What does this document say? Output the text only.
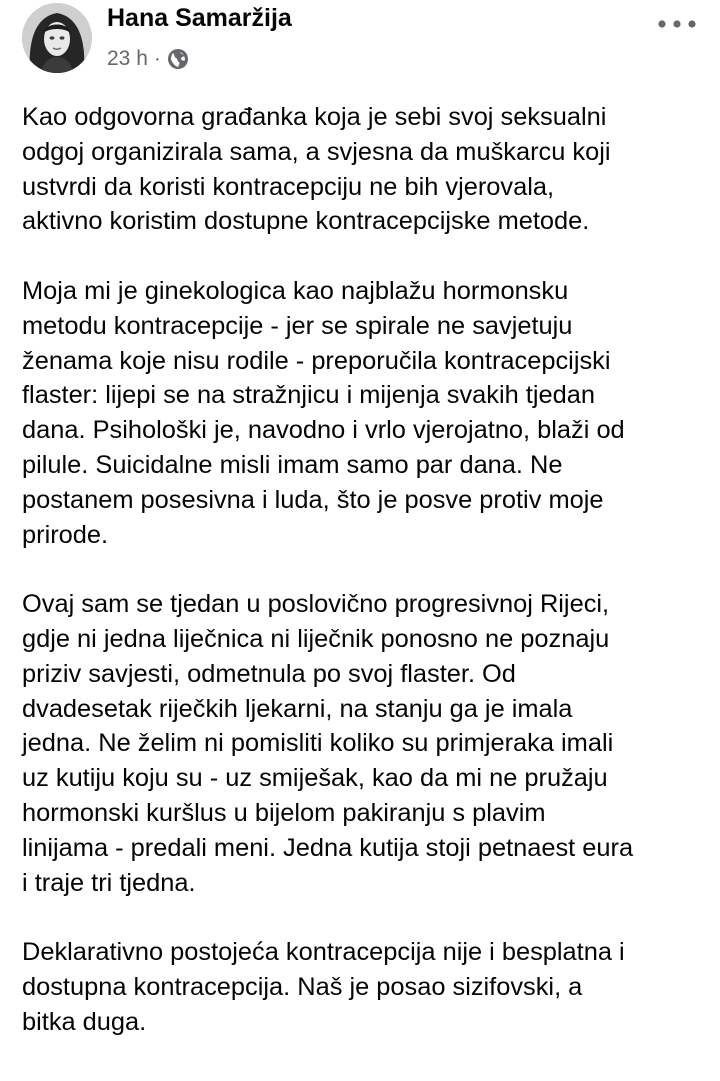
Hana Samaržija
23 h ·

Kao odgovorna građanka koja je sebi svoj seksualni
odgoj organizirala sama, a svjesna da muškarcu koji
ustvrdi da koristi kontracepciju ne bih vjerovala,
aktivno koristim dostupne kontracepcijske metode.

Moja mi je ginekologica kao najblažu hormonsku
metodu kontracepcije - jer se spirale ne savjetuju
ženama koje nisu rodile - preporučila kontracepcijski
flaster: lijepi se na stražnjicu i mijenja svakih tjedan
dana. Psihološki je, navodno i vrlo vjerojatno, blaži od
pilule. Suicidalne misli imam samo par dana. Ne
postanem posesivna i luda, što je posve protiv moje
prirode.

Ovaj sam se tjedan u poslovično progresivnoj Rijeci,
gdje ni jedna liječnica ni liječnik ponosno ne poznaju
priziv savjesti, odmetnula po svoj flaster. Od
dvadesetak riječkih ljekarni, na stanju ga je imala
jedna. Ne želim ni pomisliti koliko su primjeraka imali
uz kutiju koju su - uz smiješak, kao da mi ne pružaju
hormonski kuršlus u bijelom pakiranju s plavim
linijama - predali meni. Jedna kutija stoji petnaest eura
i traje tri tjedna.

Deklarativno postojeća kontracepcija nije i besplatna i
dostupna kontracepcija. Naš je posao sizifovski, a
bitka duga.
